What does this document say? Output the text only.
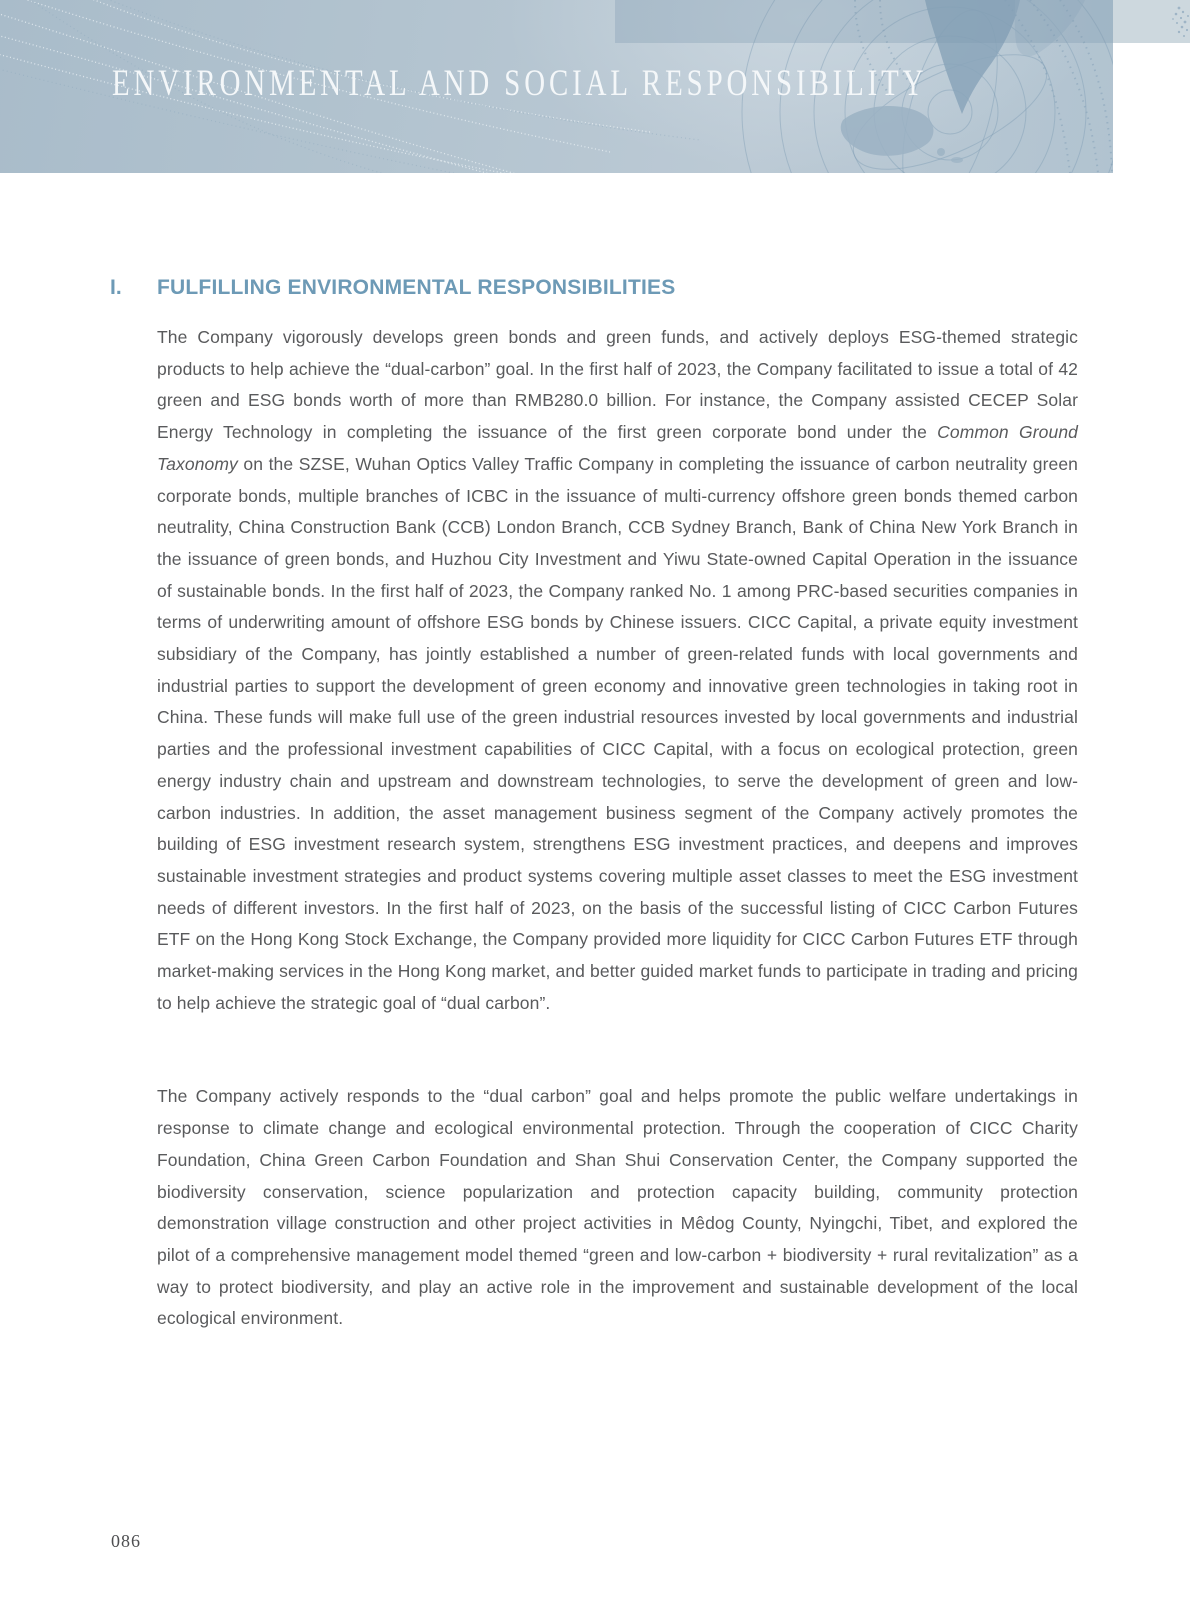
ENVIRONMENTAL AND SOCIAL RESPONSIBILITY
I.	FULFILLING ENVIRONMENTAL RESPONSIBILITIES

The Company vigorously develops green bonds and green funds, and actively deploys ESG-themed strategic products to help achieve the “dual-carbon” goal. In the first half of 2023, the Company facilitated to issue a total of 42 green and ESG bonds worth of more than RMB280.0 billion. For instance, the Company assisted CECEP Solar Energy Technology in completing the issuance of the first green corporate bond under the Common Ground Taxonomy on the SZSE, Wuhan Optics Valley Traffic Company in completing the issuance of carbon neutrality green corporate bonds, multiple branches of ICBC in the issuance of multi-currency offshore green bonds themed carbon neutrality, China Construction Bank (CCB) London Branch, CCB Sydney Branch, Bank of China New York Branch in the issuance of green bonds, and Huzhou City Investment and Yiwu State-owned Capital Operation in the issuance of sustainable bonds. In the first half of 2023, the Company ranked No. 1 among PRC-based securities companies in terms of underwriting amount of offshore ESG bonds by Chinese issuers. CICC Capital, a private equity investment subsidiary of the Company, has jointly established a number of green-related funds with local governments and industrial parties to support the development of green economy and innovative green technologies in taking root in China. These funds will make full use of the green industrial resources invested by local governments and industrial parties and the professional investment capabilities of CICC Capital, with a focus on ecological protection, green energy industry chain and upstream and downstream technologies, to serve the development of green and low-carbon industries. In addition, the asset management business segment of the Company actively promotes the building of ESG investment research system, strengthens ESG investment practices, and deepens and improves sustainable investment strategies and product systems covering multiple asset classes to meet the ESG investment needs of different investors. In the first half of 2023, on the basis of the successful listing of CICC Carbon Futures ETF on the Hong Kong Stock Exchange, the Company provided more liquidity for CICC Carbon Futures ETF through market-making services in the Hong Kong market, and better guided market funds to participate in trading and pricing to help achieve the strategic goal of “dual carbon”.

The Company actively responds to the “dual carbon” goal and helps promote the public welfare undertakings in response to climate change and ecological environmental protection. Through the cooperation of CICC Charity Foundation, China Green Carbon Foundation and Shan Shui Conservation Center, the Company supported the biodiversity conservation, science popularization and protection capacity building, community protection demonstration village construction and other project activities in Mêdog County, Nyingchi, Tibet, and explored the pilot of a comprehensive management model themed “green and low-carbon + biodiversity + rural revitalization” as a way to protect biodiversity, and play an active role in the improvement and sustainable development of the local ecological environment.

086
